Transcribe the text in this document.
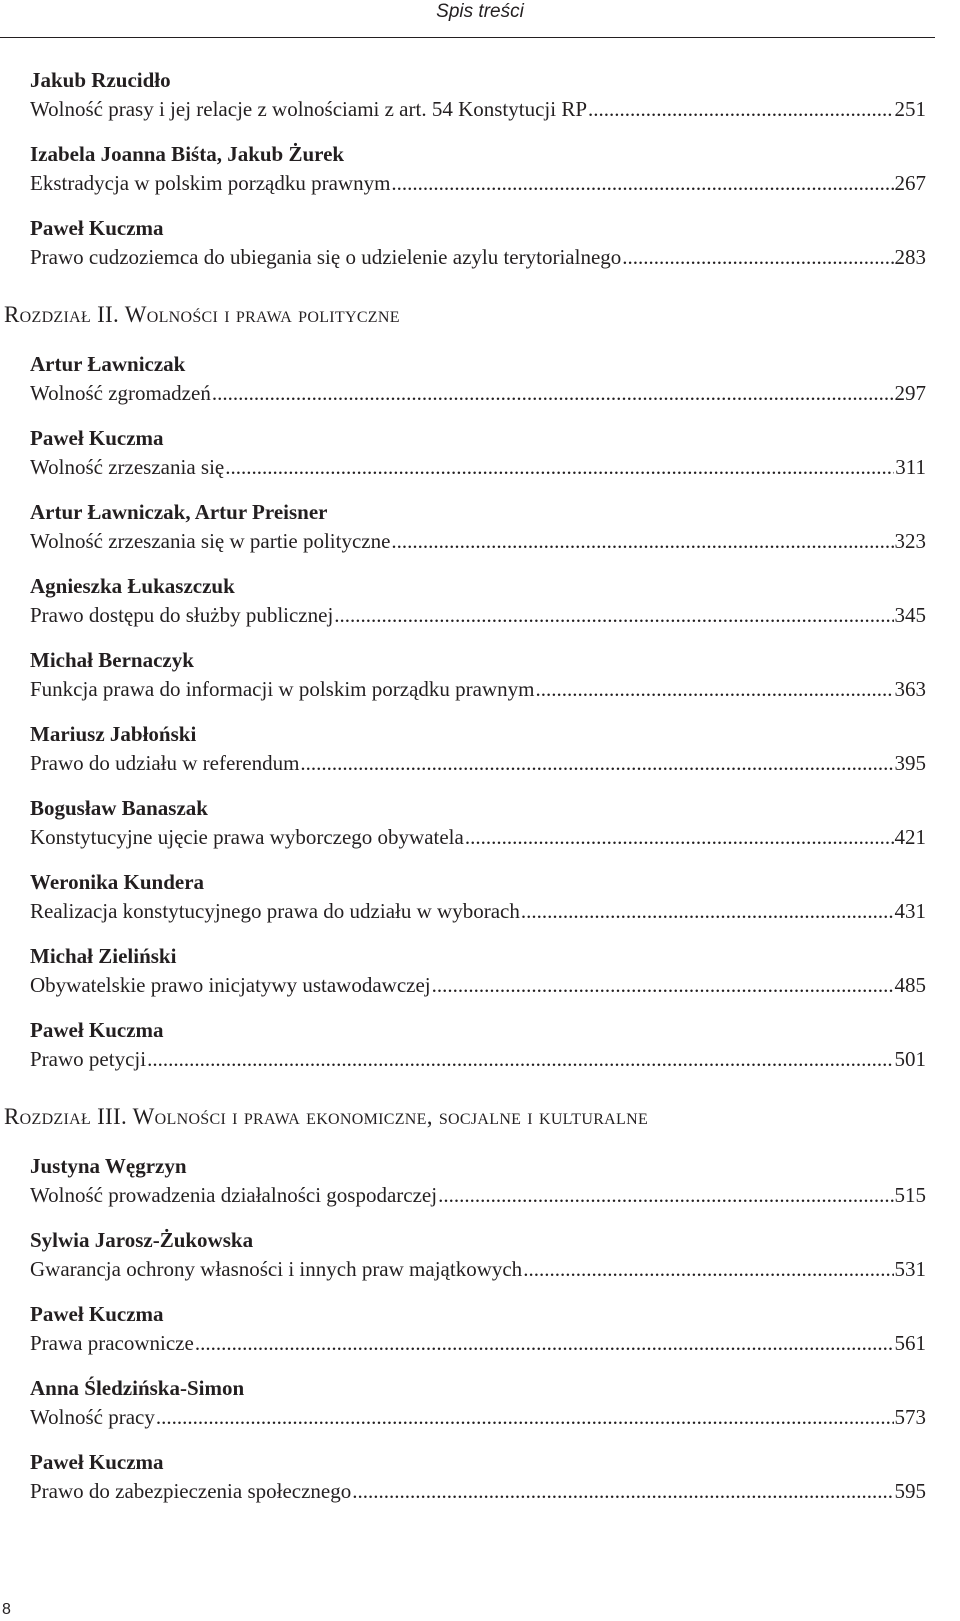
Spis treści
Jakub Rzucidło
Wolność prasy i jej relacje z wolnościami z art. 54 Konstytucji RP .....	251
Izabela Joanna Biśta, Jakub Żurek
Ekstradycja w polskim porządku prawnym .....	267
Paweł Kuczma
Prawo cudzoziemca do ubiegania się o udzielenie azylu terytorialnego .....	283
Rozdział II. Wolności i prawa polityczne
Artur Ławniczak
Wolność zgromadzeń .....	297
Paweł Kuczma
Wolność zrzeszania się .....	311
Artur Ławniczak, Artur Preisner
Wolność zrzeszania się w partie polityczne .....	323
Agnieszka Łukaszczuk
Prawo dostępu do służby publicznej .....	345
Michał Bernaczyk
Funkcja prawa do informacji w polskim porządku prawnym .....	363
Mariusz Jabłoński
Prawo do udziału w referendum .....	395
Bogusław Banaszak
Konstytucyjne ujęcie prawa wyborczego obywatela .....	421
Weronika Kundera
Realizacja konstytucyjnego prawa do udziału w wyborach .....	431
Michał Zieliński
Obywatelskie prawo inicjatywy ustawodawczej .....	485
Paweł Kuczma
Prawo petycji .....	501
Rozdział III. Wolności i prawa ekonomiczne, socjalne i kulturalne
Justyna Węgrzyn
Wolność prowadzenia działalności gospodarczej .....	515
Sylwia Jarosz-Żukowska
Gwarancja ochrony własności i innych praw majątkowych .....	531
Paweł Kuczma
Prawa pracownicze .....	561
Anna Śledzińska-Simon
Wolność pracy .....	573
Paweł Kuczma
Prawo do zabezpieczenia społecznego .....	595
8
